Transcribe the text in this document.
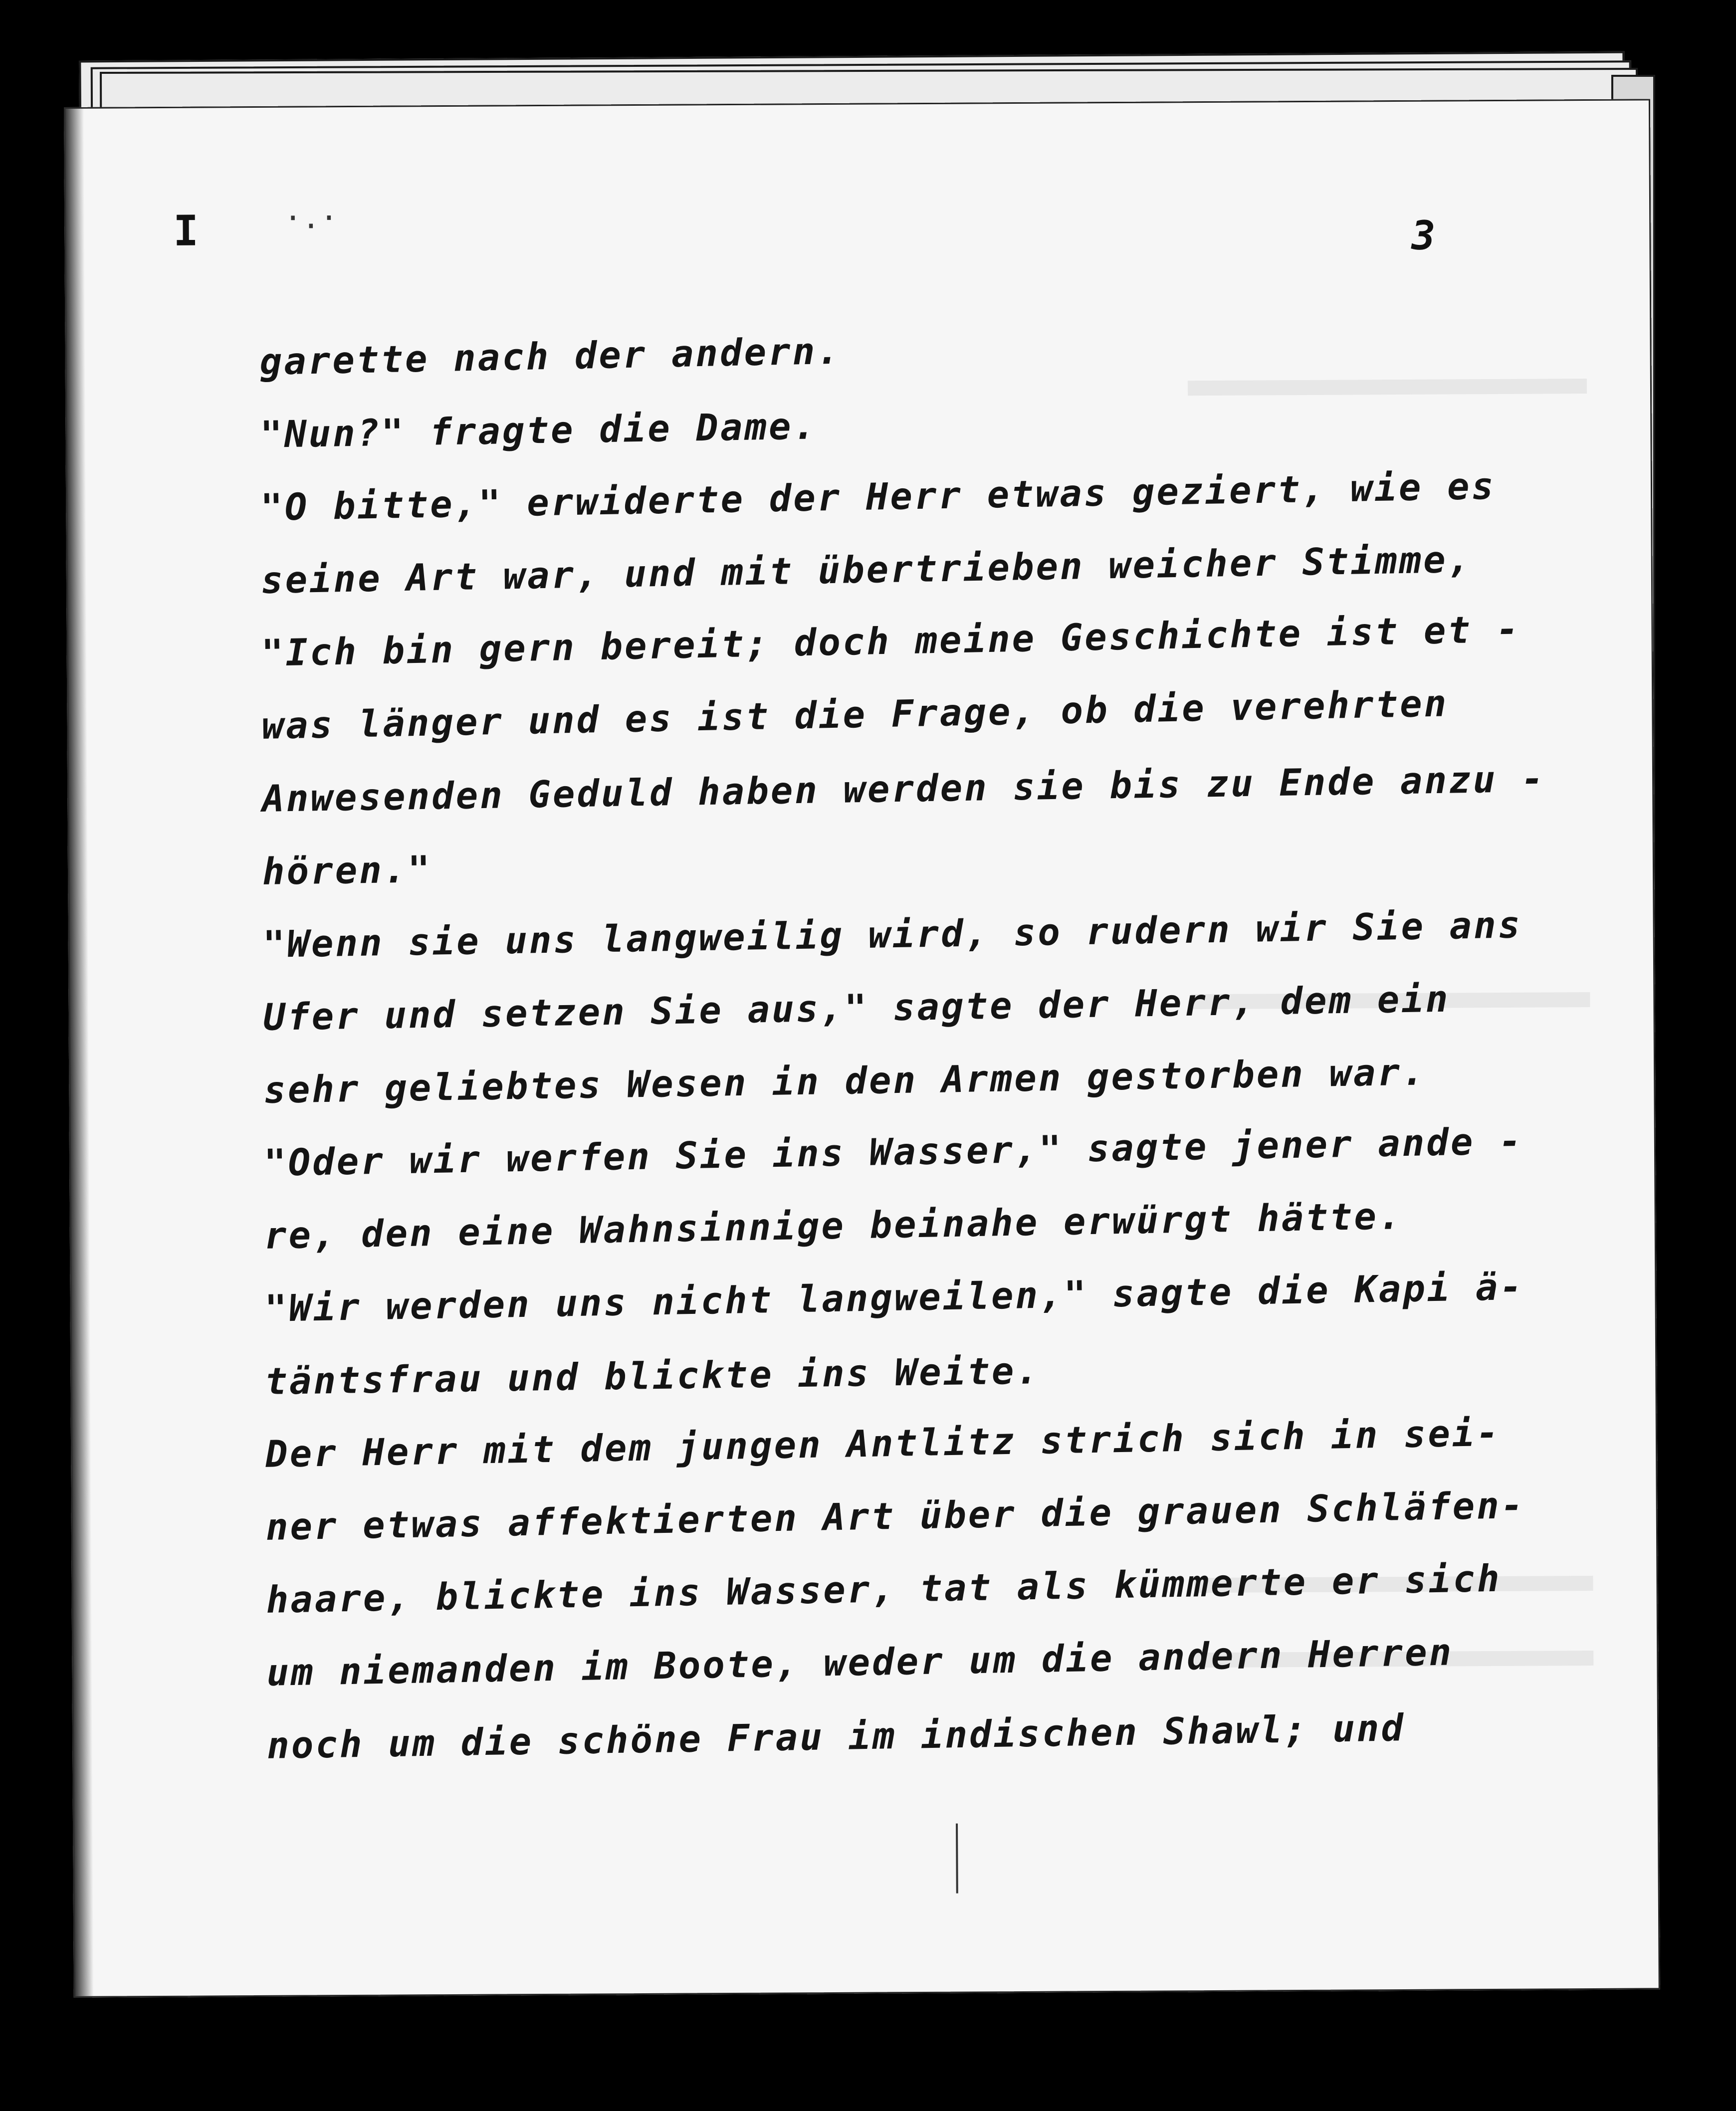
I	·.·	3
garette nach der andern.
"Nun?" fragte die Dame.
"O bitte," erwiderte der Herr etwas geziert, wie es
seine Art war, und mit übertrieben weicher Stimme,
"Ich bin gern bereit; doch meine Geschichte ist et -
was länger und es ist die Frage, ob die verehrten
Anwesenden Geduld haben werden sie bis zu Ende anzu -
hören."
"Wenn sie uns langweilig wird, so rudern wir Sie ans
Ufer und setzen Sie aus," sagte der Herr, dem ein
sehr geliebtes Wesen in den Armen gestorben war.
"Oder wir werfen Sie ins Wasser," sagte jener ande -
re, den eine Wahnsinnige beinahe erwürgt hätte.
"Wir werden uns nicht langweilen," sagte die Kapi ä-
täntsfrau und blickte ins Weite.
Der Herr mit dem jungen Antlitz strich sich in sei-
ner etwas affektierten Art über die grauen Schläfen-
haare, blickte ins Wasser, tat als kümmerte er sich
um niemanden im Boote, weder um die andern Herren
noch um die schöne Frau im indischen Shawl; und
